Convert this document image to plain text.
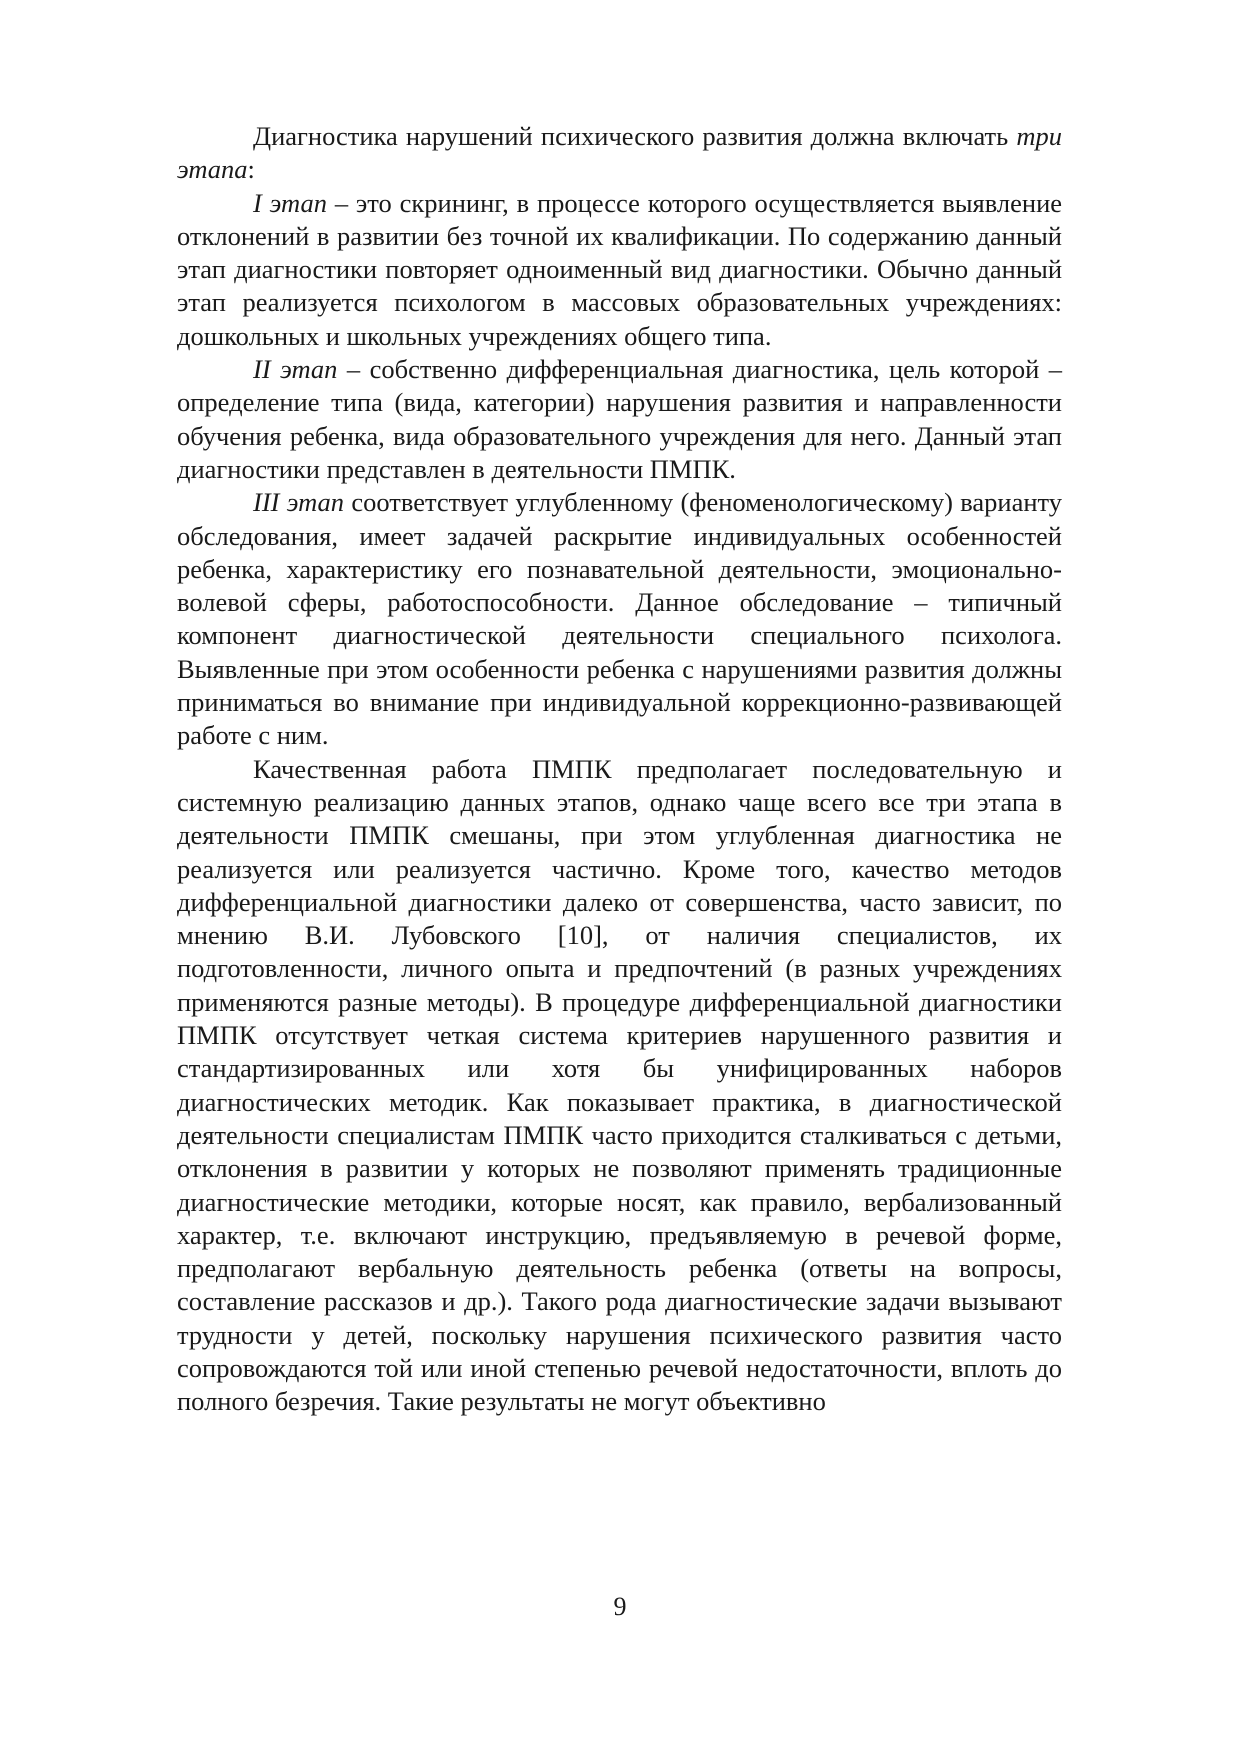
Диагностика нарушений психического развития должна включать три этапа:

I этап – это скрининг, в процессе которого осуществляется выявление отклонений в развитии без точной их квалификации. По содержанию данный этап диагностики повторяет одноименный вид диагностики. Обычно данный этап реализуется психологом в массовых образовательных учреждениях: дошкольных и школьных учреждениях общего типа.

II этап – собственно дифференциальная диагностика, цель которой – определение типа (вида, категории) нарушения развития и направленности обучения ребенка, вида образовательного учреждения для него. Данный этап диагностики представлен в деятельности ПМПК.

III этап соответствует углубленному (феноменологическому) варианту обследования, имеет задачей раскрытие индивидуальных особенностей ребенка, характеристику его познавательной деятельности, эмоционально-волевой сферы, работоспособности. Данное обследование – типичный компонент диагностической деятельности специального психолога. Выявленные при этом особенности ребенка с нарушениями развития должны приниматься во внимание при индивидуальной коррекционно-развивающей работе с ним.

Качественная работа ПМПК предполагает последовательную и системную реализацию данных этапов, однако чаще всего все три этапа в деятельности ПМПК смешаны, при этом углубленная диагностика не реализуется или реализуется частично. Кроме того, качество методов дифференциальной диагностики далеко от совершенства, часто зависит, по мнению В.И. Лубовского [10], от наличия специалистов, их подготовленности, личного опыта и предпочтений (в разных учреждениях применяются разные методы). В процедуре дифференциальной диагностики ПМПК отсутствует четкая система критериев нарушенного развития и стандартизированных или хотя бы унифицированных наборов диагностических методик. Как показывает практика, в диагностической деятельности специалистам ПМПК часто приходится сталкиваться с детьми, отклонения в развитии у которых не позволяют применять традиционные диагностические методики, которые носят, как правило, вербализованный характер, т.е. включают инструкцию, предъявляемую в речевой форме, предполагают вербальную деятельность ребенка (ответы на вопросы, составление рассказов и др.). Такого рода диагностические задачи вызывают трудности у детей, поскольку нарушения психического развития часто сопровождаются той или иной степенью речевой недостаточности, вплоть до полного безречия. Такие результаты не могут объективно

9
